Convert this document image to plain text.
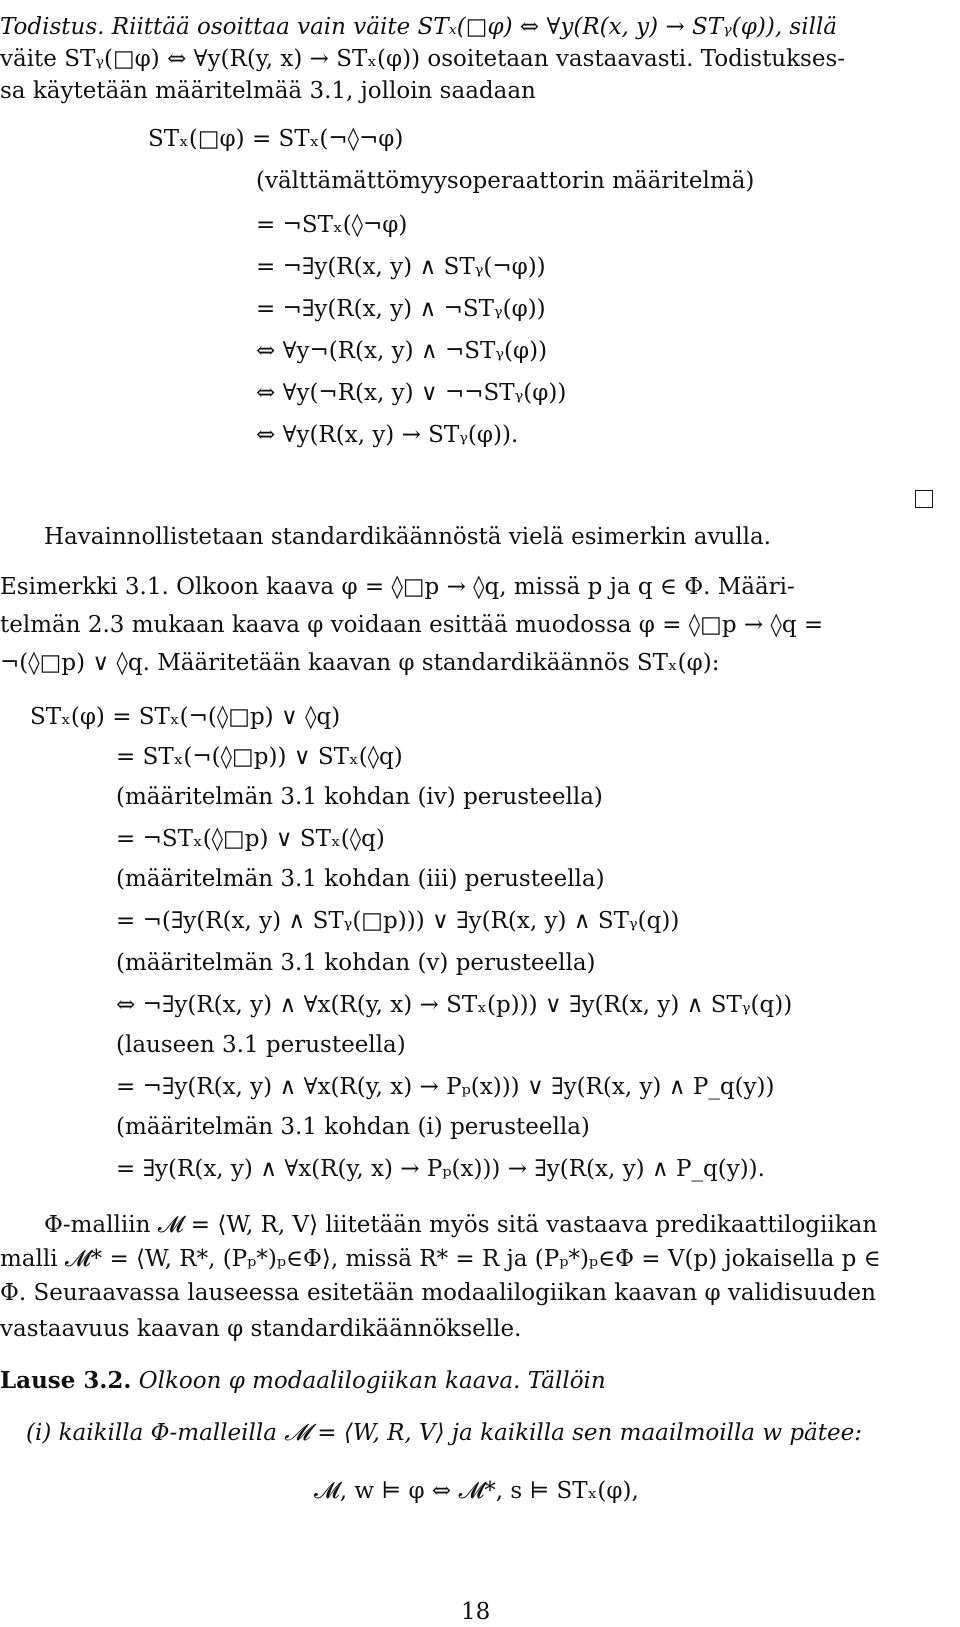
Todistus. Riittää osoittaa vain väite STₓ(□φ) ⇔ ∀y(R(x, y) → STᵧ(φ)), sillä
väite STᵧ(□φ) ⇔ ∀y(R(y, x) → STₓ(φ)) osoitetaan vastaavasti. Todistukses-
sa käytetään määritelmää 3.1, jolloin saadaan
STₓ(□φ) = STₓ(¬◊¬φ)
(välttämättömyysoperaattorin määritelmä)
= ¬STₓ(◊¬φ)
= ¬∃y(R(x, y) ∧ STᵧ(¬φ))
= ¬∃y(R(x, y) ∧ ¬STᵧ(φ))
⇔ ∀y¬(R(x, y) ∧ ¬STᵧ(φ))
⇔ ∀y(¬R(x, y) ∨ ¬¬STᵧ(φ))
⇔ ∀y(R(x, y) → STᵧ(φ)).
Havainnollistetaan standardikäännöstä vielä esimerkin avulla.
Esimerkki 3.1. Olkoon kaava φ = ◊□p → ◊q, missä p ja q ∈ Φ. Määri-
telmän 2.3 mukaan kaava φ voidaan esittää muodossa φ = ◊□p → ◊q =
¬(◊□p) ∨ ◊q. Määritetään kaavan φ standardikäännös STₓ(φ):
STₓ(φ) = STₓ(¬(◊□p) ∨ ◊q)
= STₓ(¬(◊□p)) ∨ STₓ(◊q)
(määritelmän 3.1 kohdan (iv) perusteella)
= ¬STₓ(◊□p) ∨ STₓ(◊q)
(määritelmän 3.1 kohdan (iii) perusteella)
= ¬(∃y(R(x, y) ∧ STᵧ(□p))) ∨ ∃y(R(x, y) ∧ STᵧ(q))
(määritelmän 3.1 kohdan (v) perusteella)
⇔ ¬∃y(R(x, y) ∧ ∀x(R(y, x) → STₓ(p))) ∨ ∃y(R(x, y) ∧ STᵧ(q))
(lauseen 3.1 perusteella)
= ¬∃y(R(x, y) ∧ ∀x(R(y, x) → Pₚ(x))) ∨ ∃y(R(x, y) ∧ P_q(y))
(määritelmän 3.1 kohdan (i) perusteella)
= ∃y(R(x, y) ∧ ∀x(R(y, x) → Pₚ(x))) → ∃y(R(x, y) ∧ P_q(y)).
Φ-malliin 𝓜 = ⟨W, R, V⟩ liitetään myös sitä vastaava predikaattilogiikan
malli 𝓜* = ⟨W, R*, (Pₚ*)ₚ∈Φ⟩, missä R* = R ja (Pₚ*)ₚ∈Φ = V(p) jokaisella p ∈
Φ. Seuraavassa lauseessa esitetään modaalilogiikan kaavan φ validisuuden
vastaavuus kaavan φ standardikäännökselle.
Lause 3.2. Olkoon φ modaalilogiikan kaava. Tällöin
(i) kaikilla Φ-malleilla 𝓜 = ⟨W, R, V⟩ ja kaikilla sen maailmoilla w pätee:
𝓜, w ⊨ φ ⇔ 𝓜*, s ⊨ STₓ(φ),
18
